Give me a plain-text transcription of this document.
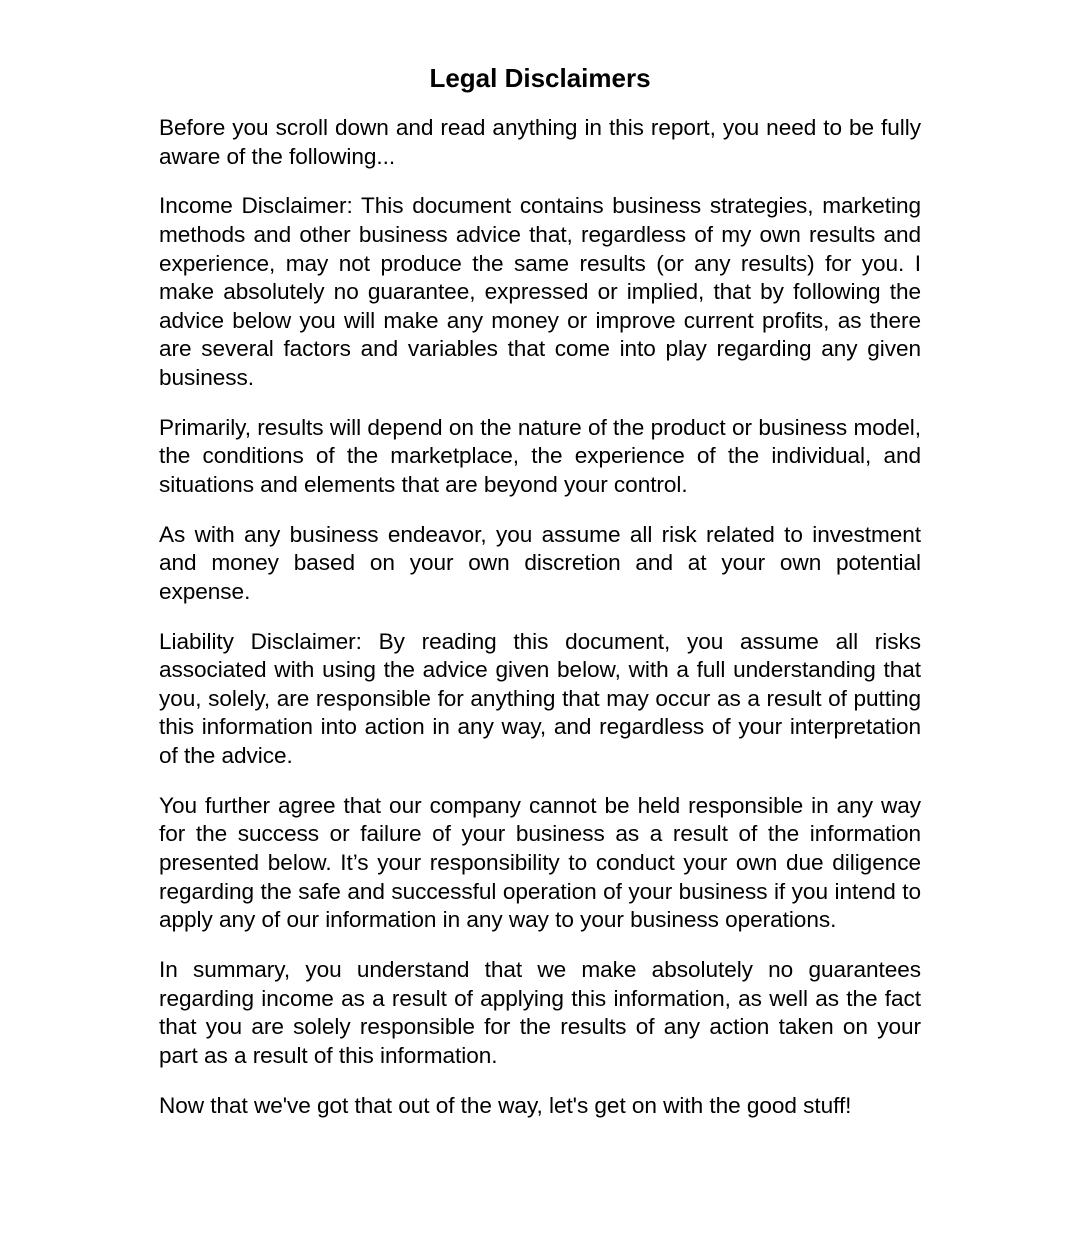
Legal Disclaimers

Before you scroll down and read anything in this report, you need to be fully aware of the following...

Income Disclaimer: This document contains business strategies, marketing methods and other business advice that, regardless of my own results and experience, may not produce the same results (or any results) for you. I make absolutely no guarantee, expressed or implied, that by following the advice below you will make any money or improve current profits, as there are several factors and variables that come into play regarding any given business.

Primarily, results will depend on the nature of the product or business model, the conditions of the marketplace, the experience of the individual, and situations and elements that are beyond your control.

As with any business endeavor, you assume all risk related to investment and money based on your own discretion and at your own potential expense.

Liability Disclaimer: By reading this document, you assume all risks associated with using the advice given below, with a full understanding that you, solely, are responsible for anything that may occur as a result of putting this information into action in any way, and regardless of your interpretation of the advice.

You further agree that our company cannot be held responsible in any way for the success or failure of your business as a result of the information presented below. It’s your responsibility to conduct your own due diligence regarding the safe and successful operation of your business if you intend to apply any of our information in any way to your business operations.

In summary, you understand that we make absolutely no guarantees regarding income as a result of applying this information, as well as the fact that you are solely responsible for the results of any action taken on your part as a result of this information.

Now that we've got that out of the way, let's get on with the good stuff!
